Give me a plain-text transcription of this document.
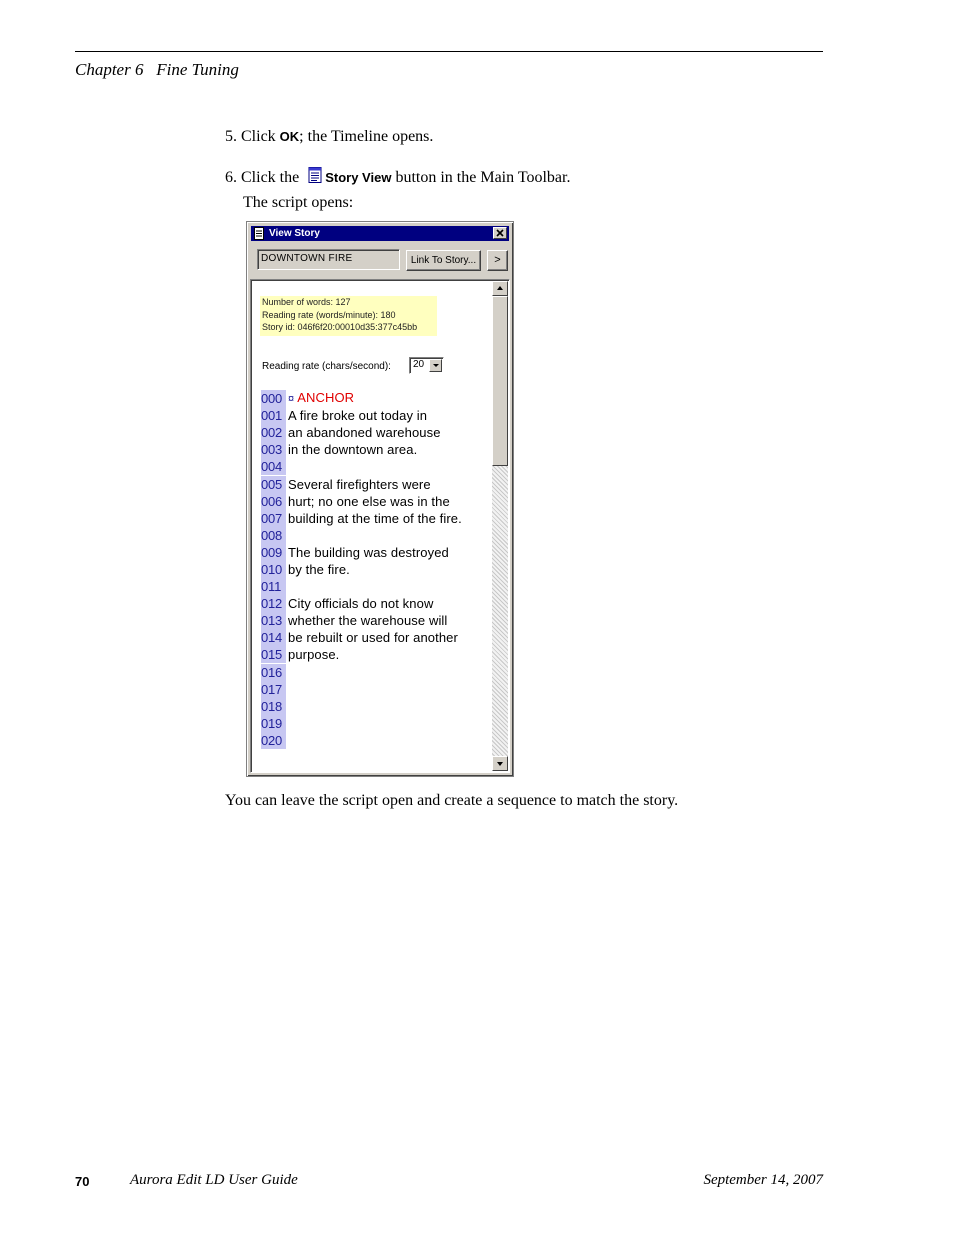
Chapter 6   Fine Tuning
5. Click OK; the Timeline opens.
6. Click the  Story View button in the Main Toolbar.
The script opens:
View Story
DOWNTOWN FIRE	Link To Story...	>
Number of words: 127
Reading rate (words/minute): 180
Story id: 046f6f20:00010d35:377c45bb
Reading rate (chars/second): 20
000 ¤ ANCHOR
001 A fire broke out today in
002 an abandoned warehouse
003 in the downtown area.
004
005 Several firefighters were
006 hurt; no one else was in the
007 building at the time of the fire.
008
009 The building was destroyed
010 by the fire.
011
012 City officials do not know
013 whether the warehouse will
014 be rebuilt or used for another
015 purpose.
016
017
018
019
020
You can leave the script open and create a sequence to match the story.
70	Aurora Edit LD User Guide	September 14, 2007
